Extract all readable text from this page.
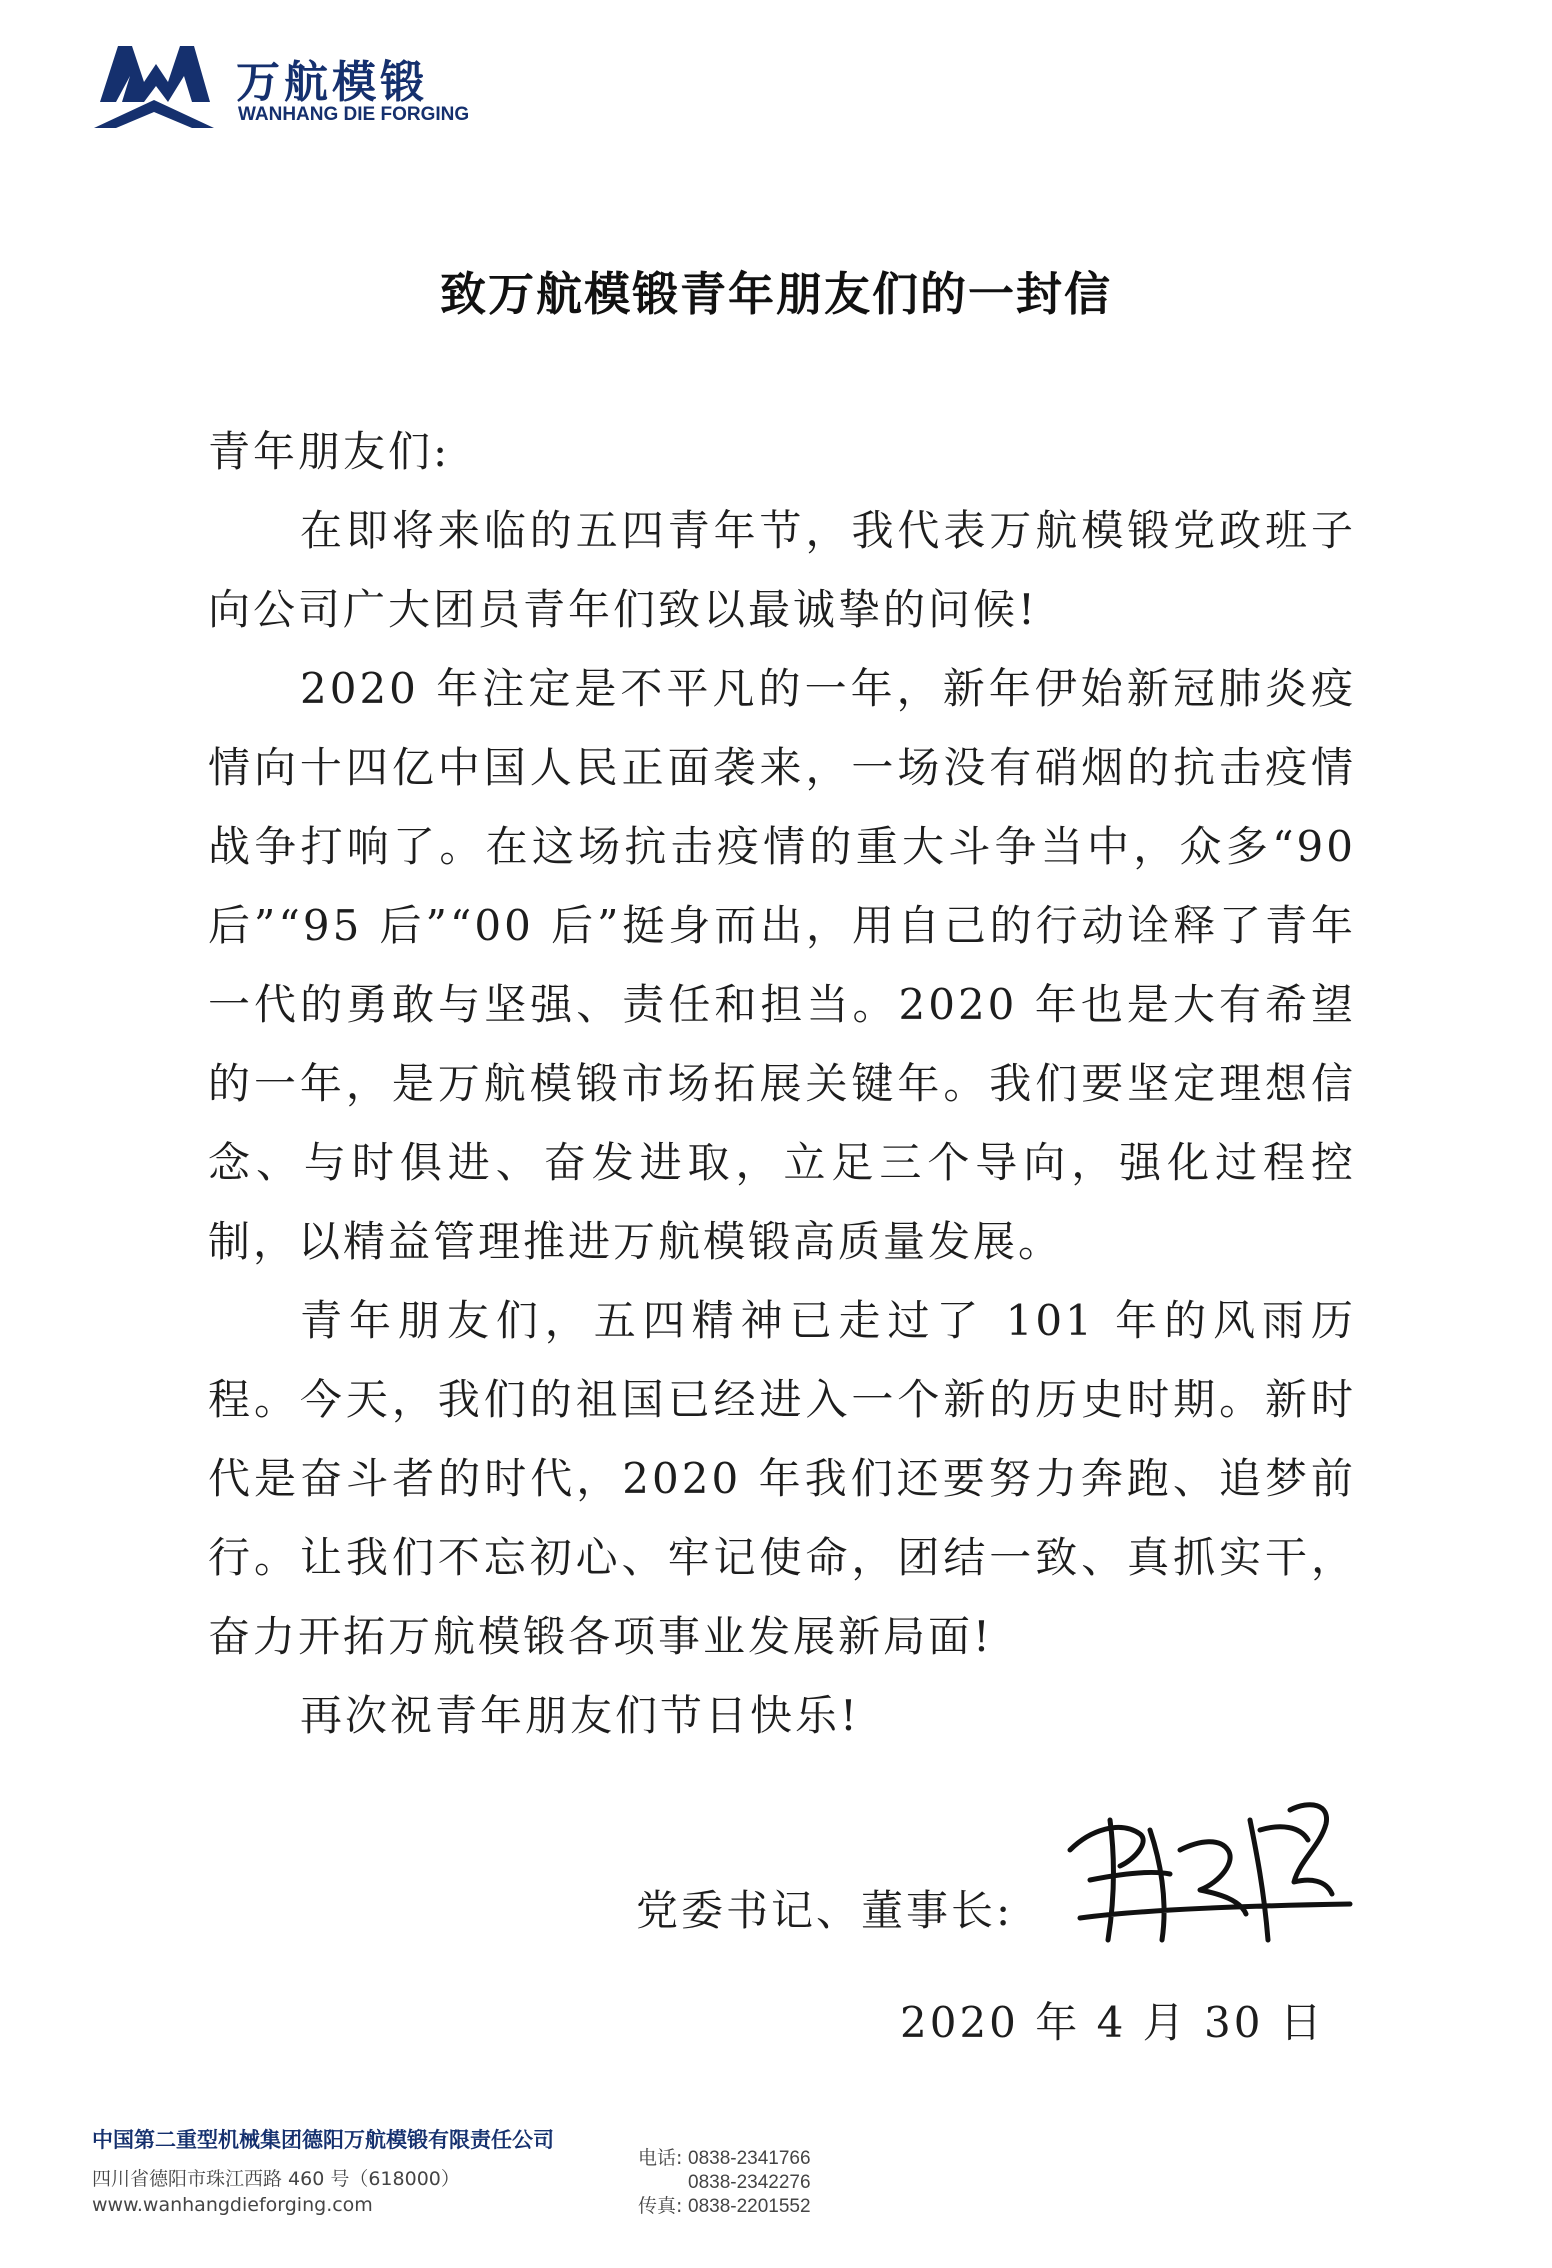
万航模锻
WANHANG DIE FORGING
致万航模锻青年朋友们的一封信

青年朋友们:

在即将来临的五四青年节，我代表万航模锻党政班子向公司广大团员青年们致以最诚挚的问候!

2020 年注定是不平凡的一年，新年伊始新冠肺炎疫情向十四亿中国人民正面袭来，一场没有硝烟的抗击疫情战争打响了。在这场抗击疫情的重大斗争当中，众多“90 后”“95 后”“00 后”挺身而出，用自己的行动诠释了青年一代的勇敢与坚强、责任和担当。2020 年也是大有希望的一年，是万航模锻市场拓展关键年。我们要坚定理想信念、与时俱进、奋发进取，立足三个导向，强化过程控制，以精益管理推进万航模锻高质量发展。

青年朋友们，五四精神已走过了 101 年的风雨历程。今天，我们的祖国已经进入一个新的历史时期。新时代是奋斗者的时代，2020 年我们还要努力奔跑、追梦前行。让我们不忘初心、牢记使命，团结一致、真抓实干，奋力开拓万航模锻各项事业发展新局面!

再次祝青年朋友们节日快乐!

党委书记、董事长:
2020 年 4 月 30 日
中国第二重型机械集团德阳万航模锻有限责任公司
四川省德阳市珠江西路 460 号（618000）
www.wanhangdieforging.com
电话: 0838-2341766
0838-2342276
传真: 0838-2201552
